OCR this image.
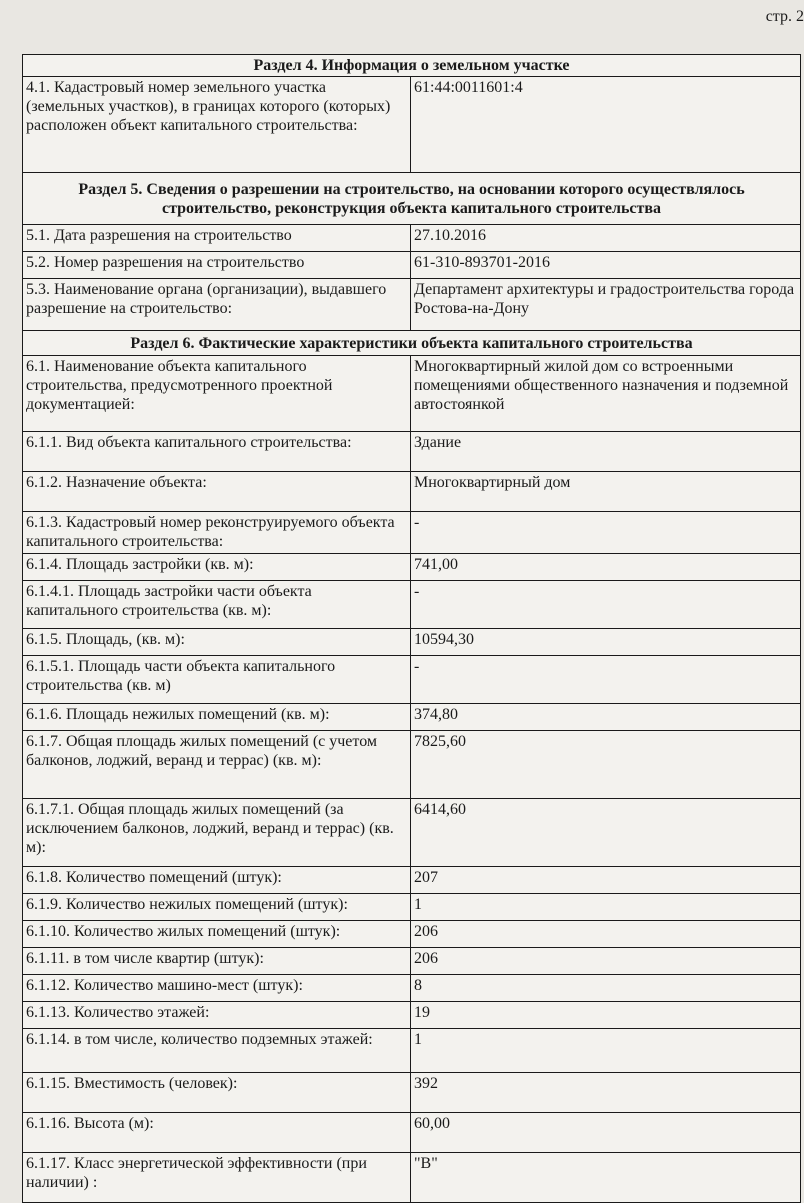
стр. 2
Раздел 4. Информация о земельном участке	
4.1. Кадастровый номер земельного участка (земельных участков), в границах которого (которых) расположен объект капитального строительства:	61:44:0011601:4
Раздел 5. Сведения о разрешении на строительство, на основании которого осуществлялось строительство, реконструкция объекта капитального строительства	
5.1. Дата разрешения на строительство	27.10.2016
5.2. Номер разрешения на строительство	61-310-893701-2016
5.3. Наименование органа (организации), выдавшего разрешение на строительство:	Департамент архитектуры и градостроительства города Ростова-на-Дону
Раздел 6. Фактические характеристики объекта капитального строительства	
6.1. Наименование объекта капитального строительства, предусмотренного проектной документацией:	Многоквартирный жилой дом со встроенными помещениями общественного назначения и подземной автостоянкой
6.1.1. Вид объекта капитального строительства:	Здание
6.1.2. Назначение объекта:	Многоквартирный дом
6.1.3. Кадастровый номер реконструируемого объекта капитального строительства:	-
6.1.4. Площадь застройки (кв. м):	741,00
6.1.4.1. Площадь застройки части объекта капитального строительства (кв. м):	-
6.1.5. Площадь, (кв. м):	10594,30
6.1.5.1. Площадь части объекта капитального строительства (кв. м)	-
6.1.6. Площадь нежилых помещений (кв. м):	374,80
6.1.7. Общая площадь жилых помещений (с учетом балконов, лоджий, веранд и террас) (кв. м):	7825,60
6.1.7.1. Общая площадь жилых помещений (за исключением балконов, лоджий, веранд и террас) (кв. м):	6414,60
6.1.8. Количество помещений (штук):	207
6.1.9. Количество нежилых помещений (штук):	1
6.1.10. Количество жилых помещений (штук):	206
6.1.11. в том числе квартир (штук):	206
6.1.12. Количество машино-мест (штук):	8
6.1.13. Количество этажей:	19
6.1.14. в том числе, количество подземных этажей:	1
6.1.15. Вместимость (человек):	392
6.1.16. Высота (м):	60,00
6.1.17. Класс энергетической эффективности (при наличии) :	"B"
